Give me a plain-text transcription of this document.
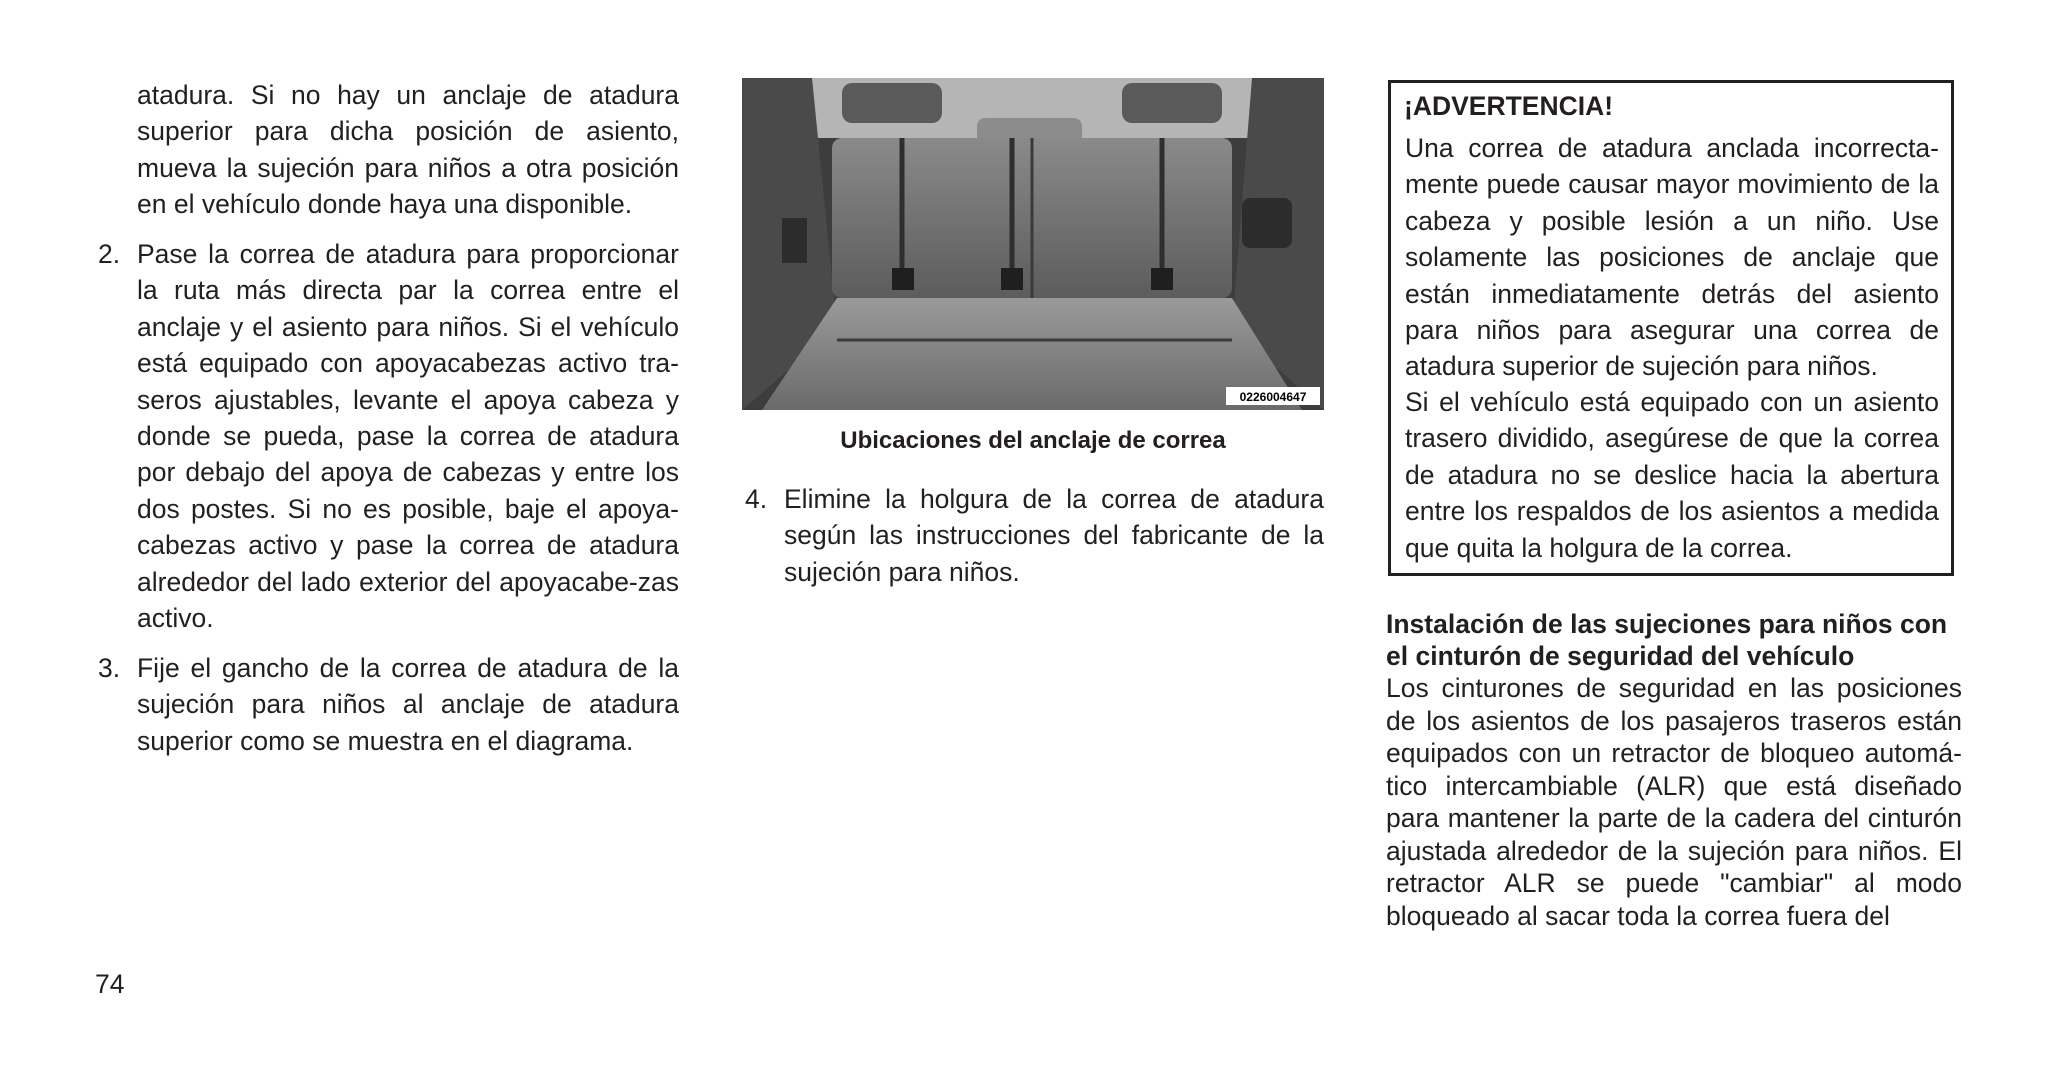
atadura. Si no hay un anclaje de atadura superior para dicha posición de asiento, mueva la sujeción para niños a otra posición en el vehículo donde haya una disponible.

2. Pase la correa de atadura para proporcionar la ruta más directa par la correa entre el anclaje y el asiento para niños. Si el vehículo está equipado con apoyacabezas activo tra-seros ajustables, levante el apoya cabeza y donde se pueda, pase la correa de atadura por debajo del apoya de cabezas y entre los dos postes. Si no es posible, baje el apoya-cabezas activo y pase la correa de atadura alrededor del lado exterior del apoyacabe-zas activo.

3. Fije el gancho de la correa de atadura de la sujeción para niños al anclaje de atadura superior como se muestra en el diagrama.

0226004647
Ubicaciones del anclaje de correa
4. Elimine la holgura de la correa de atadura según las instrucciones del fabricante de la sujeción para niños.

¡ADVERTENCIA!

Una correa de atadura anclada incorrecta-mente puede causar mayor movimiento de la cabeza y posible lesión a un niño. Use solamente las posiciones de anclaje que están inmediatamente detrás del asiento para niños para asegurar una correa de atadura superior de sujeción para niños.

Si el vehículo está equipado con un asiento trasero dividido, asegúrese de que la correa de atadura no se deslice hacia la abertura entre los respaldos de los asientos a medida que quita la holgura de la correa.

Instalación de las sujeciones para niños con el cinturón de seguridad del vehículo

Los cinturones de seguridad en las posiciones de los asientos de los pasajeros traseros están equipados con un retractor de bloqueo automá-tico intercambiable (ALR) que está diseñado para mantener la parte de la cadera del cinturón ajustada alrededor de la sujeción para niños. El retractor ALR se puede "cambiar" al modo bloqueado al sacar toda la correa fuera del

74
